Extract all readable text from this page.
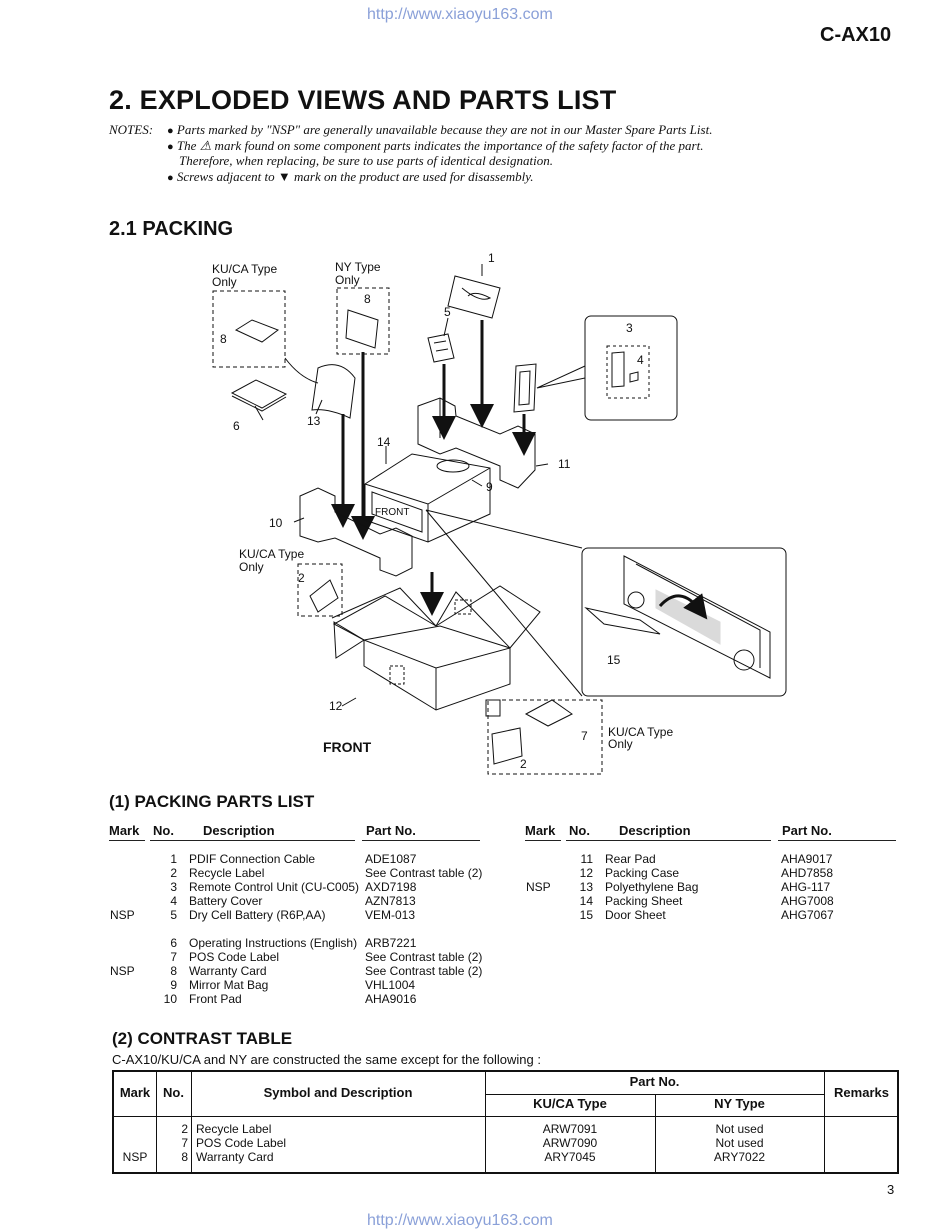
http://www.xiaoyu163.com
C-AX10
2. EXPLODED VIEWS AND PARTS LIST
NOTES: ● Parts marked by "NSP" are generally unavailable because they are not in our Master Spare Parts List.
● The ⚠ mark found on some component parts indicates the importance of the safety factor of the part.
Therefore, when replacing, be sure to use parts of identical designation.
● Screws adjacent to ▼ mark on the product are used for disassembly.
2.1 PACKING
KU/CA Type
Only
NY Type
Only
KU/CA Type
Only
KU/CA Type
Only
FRONT
FRONT
1
2
3
4
5
6
7
8
8
9
10
11
12
13
14
15
2
(1) PACKING PARTS LIST
Mark No. Description	Part No.	Mark No. Description	Part No.
1 PDIF Connection Cable	ADE1087
2 Recycle Label	See Contrast table (2)
3 Remote Control Unit (CU-C005) AXD7198
4 Battery Cover	AZN7813
NSP	5 Dry Cell Battery (R6P,AA)	VEM-013
6 Operating Instructions (English) ARB7221
7 POS Code Label	See Contrast table (2)
NSP	8 Warranty Card	See Contrast table (2)
9 Mirror Mat Bag	VHL1004
10 Front Pad	AHA9016
11 Rear Pad	AHA9017
12 Packing Case	AHD7858
NSP	13 Polyethylene Bag	AHG-117
14 Packing Sheet	AHG7008
15 Door Sheet	AHG7067
(2) CONTRAST TABLE
C-AX10/KU/CA and NY are constructed the same except for the following :
Mark No.	Symbol and Description
Part No.
KU/CA Type	NY Type
Remarks
2 Recycle Label	ARW7091	Not used
7 POS Code Label	ARW7090	Not used
NSP	8 Warranty Card	ARY7045	ARY7022
3
http://www.xiaoyu163.com
